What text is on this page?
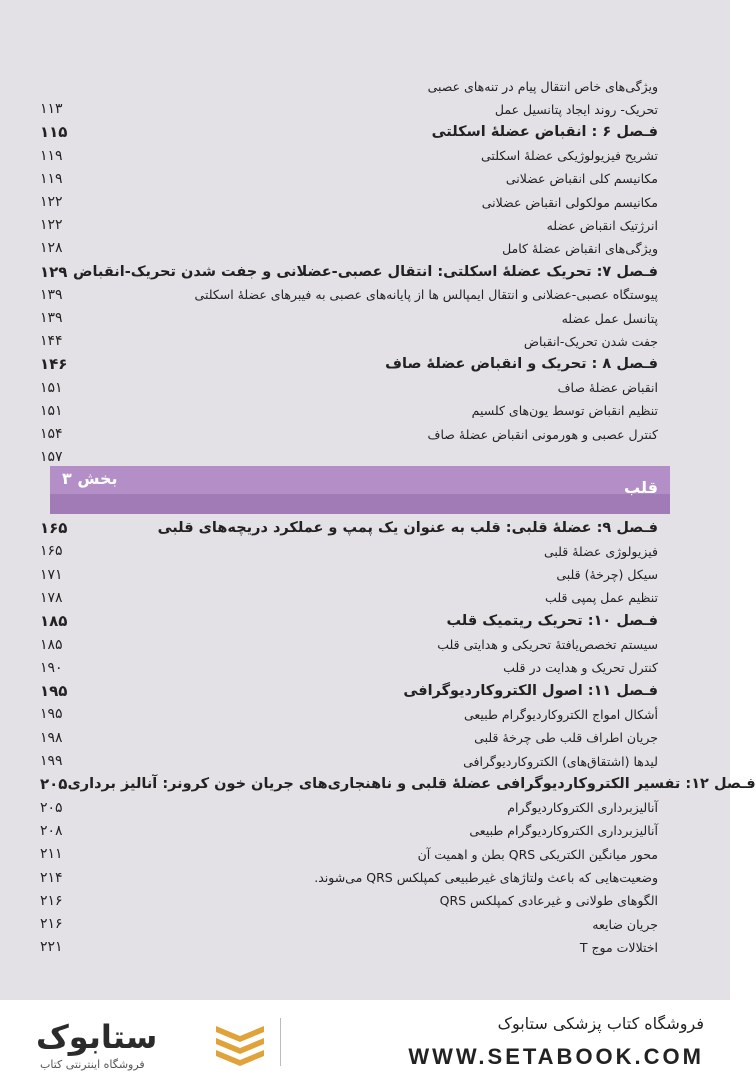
ویژگی‌های خاص انتقال پیام در تنه‌های عصبی
۱۱۳	تحریک- روند ایجاد پتانسیل عمل
۱۱۵	فـصل ۶ : انقباض عضلهٔ اسکلتی
۱۱۹	تشریح فیزیولوژیکی عضلهٔ اسکلتی
۱۱۹	مکانیسم کلی انقباض عضلانی
۱۲۲	مکانیسم مولکولی انقباض عضلانی
۱۲۲	انرژتیک انقباض عضله
۱۲۸	ویژگی‌های انقباض عضلهٔ کامل
۱۲۹ فـصل ۷: تحریک عضلهٔ اسکلتی: انتقال عصبی-عضلانی و جفت شدن تحریک-انقباض
۱۳۹	پیوستگاه عصبی-عضلانی و انتقال ایمپالس ها از پایانه‌های عصبی به فیبرهای عضلهٔ اسکلتی
۱۳۹	پتانسل عمل عضله
۱۴۴	جفت شدن تحریک-انقباض
۱۴۶	فـصل ۸ : تحریک و انقباض عضلهٔ صاف
۱۵۱	انقباض عضلهٔ صاف
۱۵۱	تنظیم انقباض توسط یون‌های کلسیم
۱۵۴	کنترل عصبی و هورمونی انقباض عضلهٔ صاف
۱۵۷
بخش ۳	قلب
۱۶۵	فـصل ۹: عضلهٔ قلبی: قلب به عنوان یک پمپ و عملکرد دریچه‌های قلبی
۱۶۵	فیزیولوژی عضلهٔ قلبی
۱۷۱	سیکل (چرخهٔ) قلبی
۱۷۸	تنظیم عمل پمپی قلب
۱۸۵	فـصل ۱۰: تحریک ریتمیک قلب
۱۸۵	سیستم تخصص‌یافتهٔ تحریکی و هدایتی قلب
۱۹۰	کنترل تحریک و هدایت در قلب
۱۹۵	فـصل ۱۱: اصول الکتروکاردیوگرافی
۱۹۵	أشکال امواج الکتروکاردیوگرام طبیعی
۱۹۸	جریان اطراف قلب طی چرخهٔ قلبی
۱۹۹	لیدها (اشتقاق‌های) الکتروکاردیوگرافی
۲۰۵ فـصل ۱۲: تفسیر الکتروکاردیوگرافی عضلهٔ قلبی و ناهنجاری‌های جریان خون کرونر: آنالیز برداری
۲۰۵	آنالیزبرداری الکتروکاردیوگرام
۲۰۸	آنالیزبرداری الکتروکاردیوگرام طبیعی
۲۱۱	محور میانگین الکتریکی QRS بطن و اهمیت آن
۲۱۴	وضعیت‌هایی که باعث ولتاژهای غیرطبیعی کمپلکس QRS می‌شوند.
۲۱۶	الگوهای طولانی و غیرعادی کمپلکس QRS
۲۱۶	جریان ضایعه
۲۲۱	اختلالات موج T
ستابوک
فروشگاه اینترنتی کتاب
فروشگاه کتاب پزشکی ستابوک
WWW.SETABOOK.COM
